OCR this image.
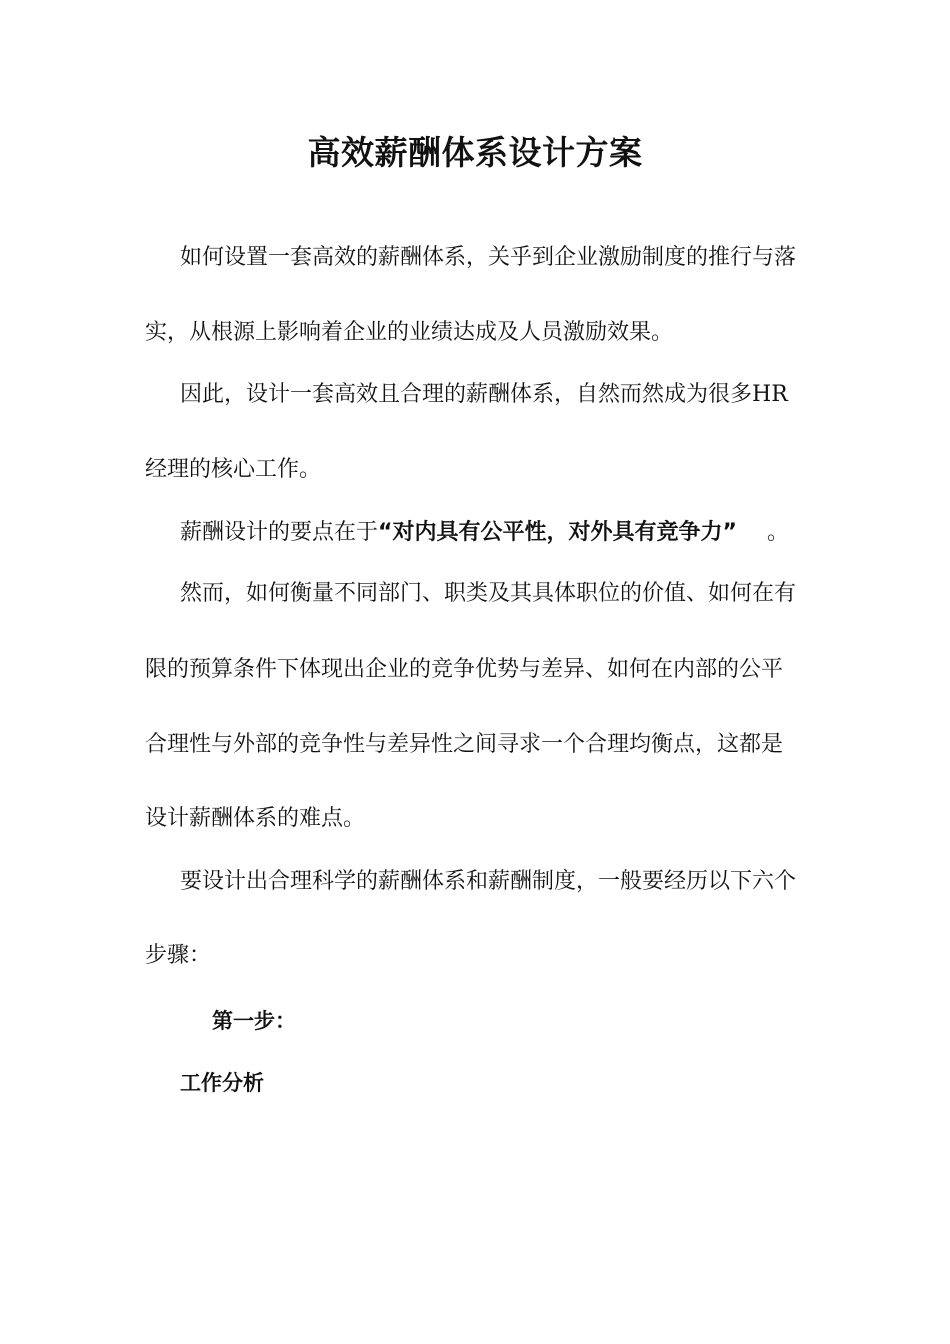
高效薪酬体系设计方案

如何设置一套高效的薪酬体系，关乎到企业激励制度的推行与落

实，从根源上影响着企业的业绩达成及人员激励效果。

因此，设计一套高效且合理的薪酬体系，自然而然成为很多HR

经理的核心工作。

薪酬设计的要点在于“对内具有公平性，对外具有竞争力” 。

然而，如何衡量不同部门、职类及其具体职位的价值、如何在有

限的预算条件下体现出企业的竞争优势与差异、如何在内部的公平

合理性与外部的竞争性与差异性之间寻求一个合理均衡点，这都是

设计薪酬体系的难点。

要设计出合理科学的薪酬体系和薪酬制度，一般要经历以下六个

步骤：

第一步：

工作分析
